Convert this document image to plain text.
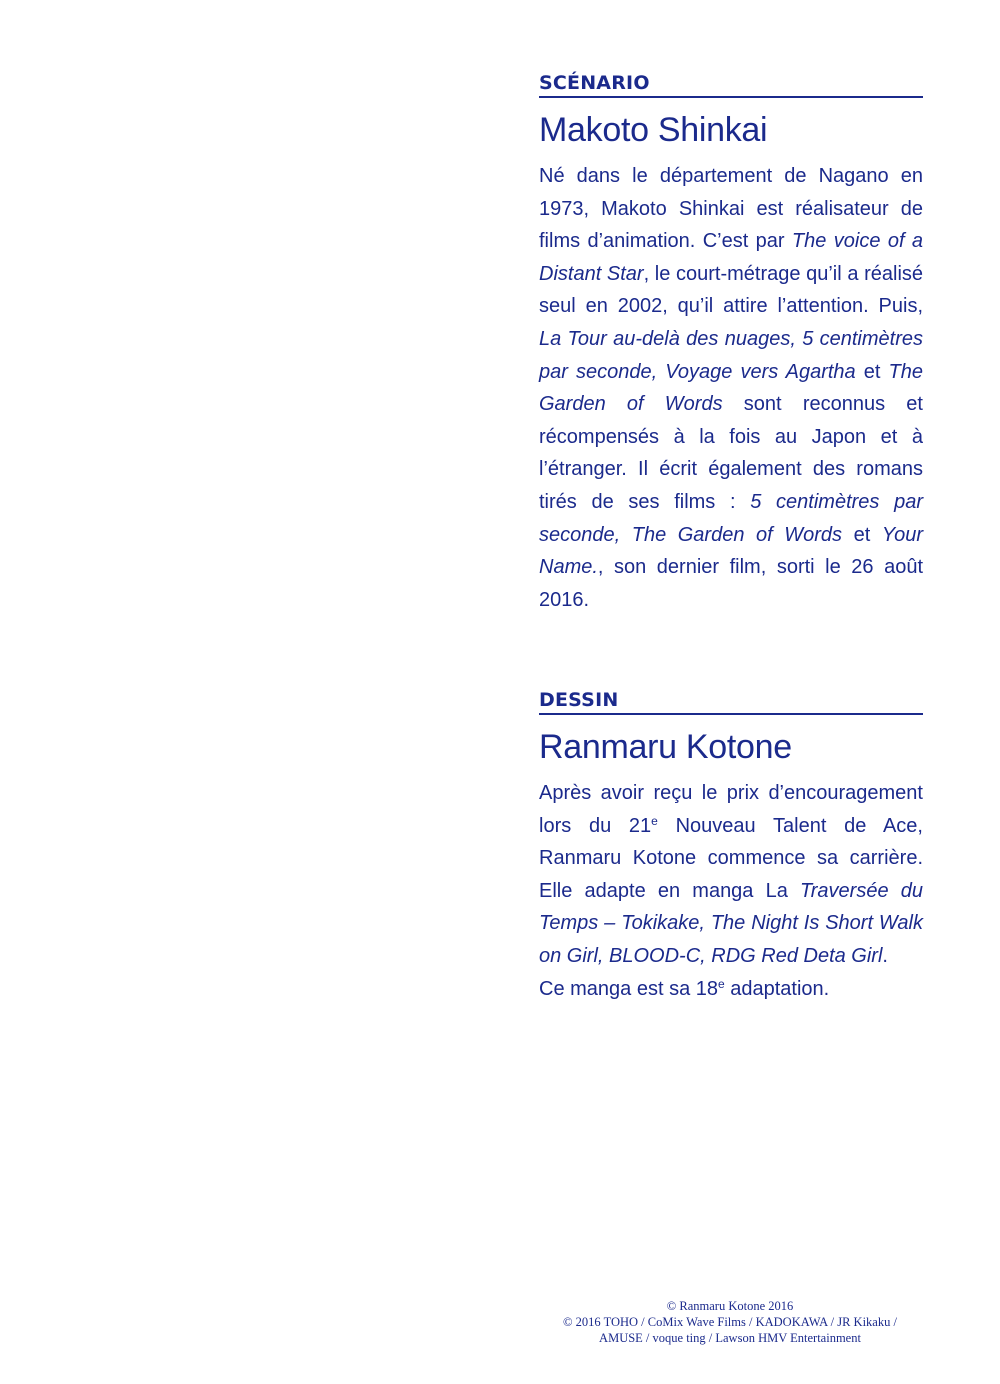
SCÉNARIO
Makoto Shinkai
Né dans le département de Nagano en 1973, Makoto Shinkai est réalisateur de films d’animation. C’est par The voice of a Distant Star, le court-métrage qu’il a réalisé seul en 2002, qu’il attire l’attention. Puis, La Tour au-delà des nuages, 5 centimètres par seconde, Voyage vers Agartha et The Garden of Words sont reconnus et récompensés à la fois au Japon et à l’étranger. Il écrit également des romans tirés de ses films : 5 centimètres par seconde, The Garden of Words et Your Name., son dernier film, sorti le 26 août 2016.
DESSIN
Ranmaru Kotone
Après avoir reçu le prix d’encouragement lors du 21e Nouveau Talent de Ace, Ranmaru Kotone commence sa carrière. Elle adapte en manga La Traversée du Temps – Tokikake, The Night Is Short Walk on Girl, BLOOD-C, RDG Red Deta Girl.
Ce manga est sa 18e adaptation.
© Ranmaru Kotone 2016
© 2016 TOHO / CoMix Wave Films / KADOKAWA / JR Kikaku /
AMUSE / voque ting / Lawson HMV Entertainment
